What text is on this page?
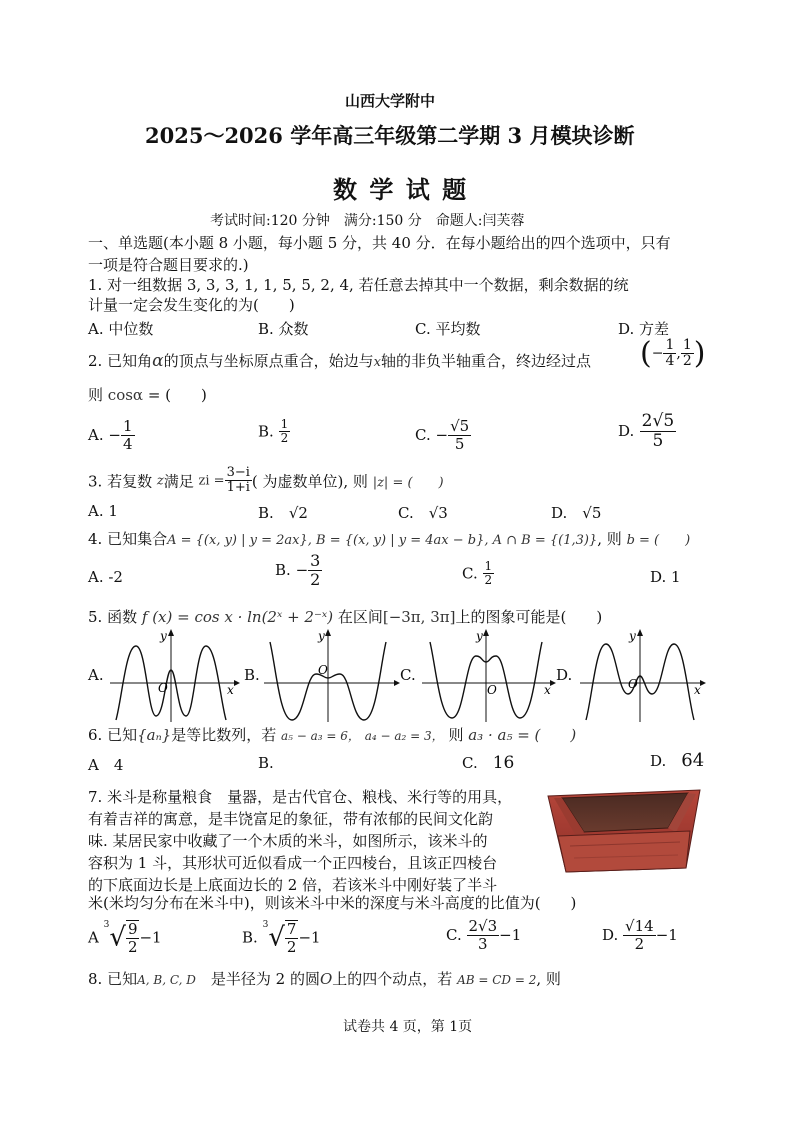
山西大学附中
2025～2026 学年高三年级第二学期 3 月模块诊断
数 学 试 题
考试时间:120 分钟　满分:150 分　命题人:闫芙蓉
一、单选题(本小题 8 小题，每小题 5 分，共 40 分．在每小题给出的四个选项中，只有
一项是符合题目要求的.)
1. 对一组数据 3, 3, 3, 1, 1, 5, 5, 2, 4, 若任意去掉其中一个数据，剩余数据的统
计量一定会发生变化的为(　　)
A. 中位数	B. 众数	C. 平均数	D. 方差
2. 已知角α的顶点与坐标原点重合，始边与x轴的非负半轴重合，终边经过点 (− $\frac{1}{4}$ , $\frac{1}{2}$ )
则 cosα = (　　)
A. − $\frac{1}{4}$	B. $\frac{1}{2}$	C. − $\frac{√5}{5}$	D. $\frac{2√5}{5}$
3. 若复数 z满足 zi = $\frac{3-i}{1+i}$ ( 为虚数单位), 则 |z| = (　　)
A. 1	B.　 √2	C.　 √3	D.　 √5
4. 已知集合A = {(x, y) | y = 2ax}, B = {(x, y) | y = 4ax − b}, A ∩ B = {(1,3)}, 则 b = (　　)
A. -2	B. − $\frac{3}{2}$	C. $\frac{1}{2}$	D. 1
5. 函数 f (x) = cos x · ln(2ˣ + 2⁻ˣ) 在区间[−3π, 3π]上的图象可能是(　　)
A.	B.	C.	D.
y
x
O
y
O
y
x
O
y
x
O
6. 已知{aₙ}是等比数列，若 a₅ − a₃ = 6， a₄ − a₂ = 3， 则 a₃ · a₅ = (　　)
A　 4	B.	C.　 16	D.　 64
7. 米斗是称量粮食　量器，是古代官仓、粮栈、米行等的用具，
有着吉祥的寓意，是丰饶富足的象征，带有浓郁的民间文化韵
味. 某居民家中收藏了一个木质的米斗，如图所示，该米斗的
容积为 1 斗，其形状可近似看成一个正四棱台，且该正四棱台
的下底面边长是上底面边长的 2 倍，若该米斗中刚好装了半斗
米(米均匀分布在米斗中)，则该米斗中米的深度与米斗高度的比值为(　　)
A $^3√ \frac{9}{2} -1$	B. $^3√ \frac{7}{2} -1$	C. $\frac{2√3}{3} -1$	D. $\frac{√14}{2} -1$
8. 已知A, B, C, D　 是半径为 2 的圆O上的四个动点，若 AB = CD = 2, 则
试卷共 4 页，第 1页
